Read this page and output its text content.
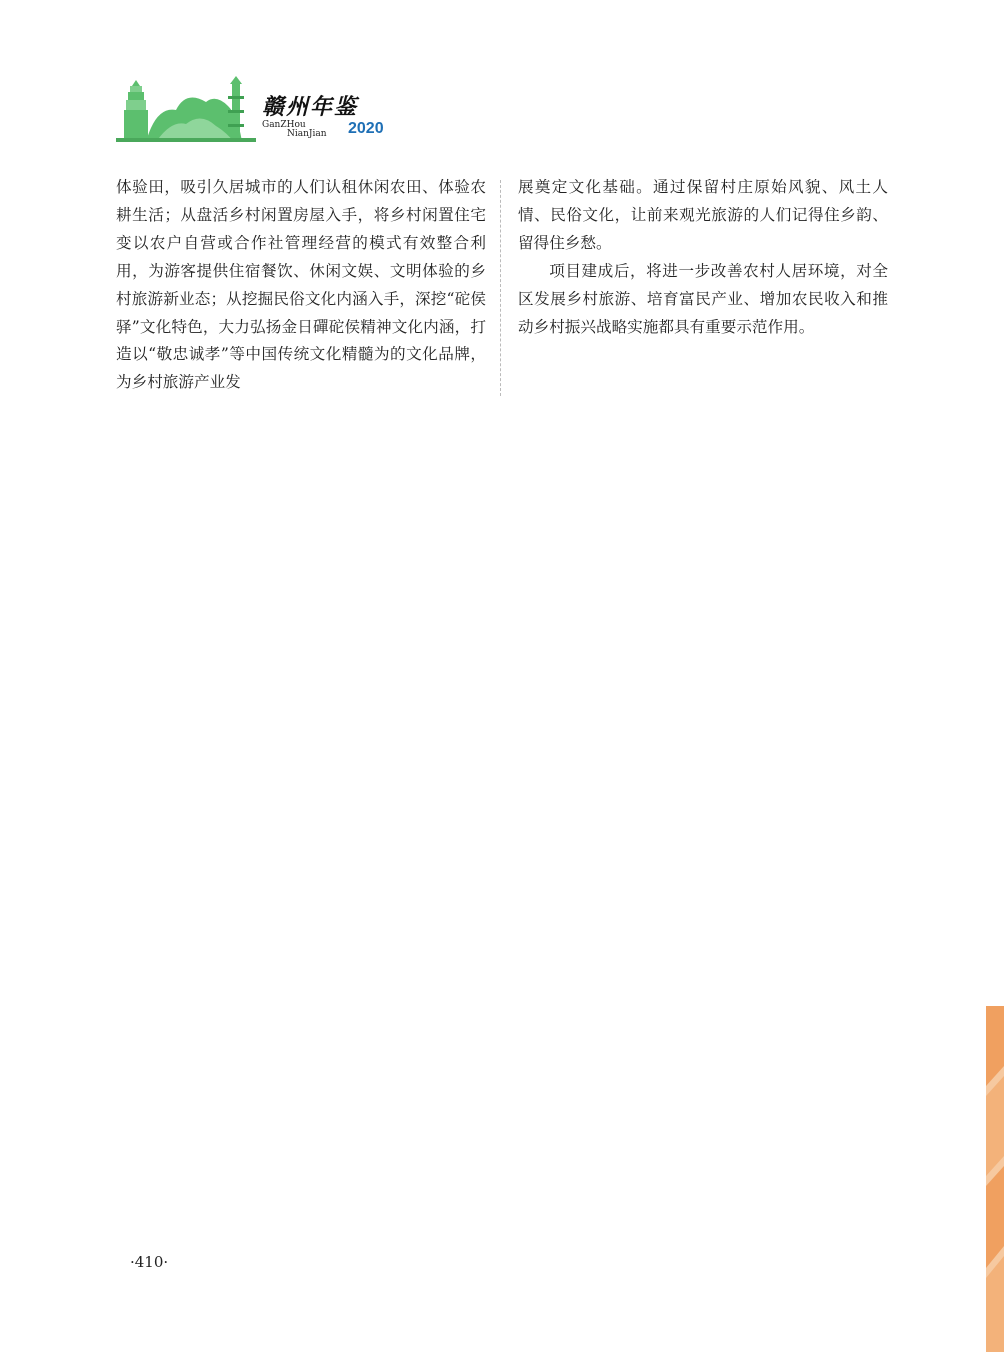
赣州年鉴
GanZHou
NianJian 2020

体验田，吸引久居城市的人们认租休闲农田、体验农耕生活；从盘活乡村闲置房屋入手，将乡村闲置住宅变以农户自营或合作社管理经营的模式有效整合利用，为游客提供住宿餐饮、休闲文娱、文明体验的乡村旅游新业态；从挖掘民俗文化内涵入手，深挖“砣侯驿”文化特色，大力弘扬金日磾砣侯精神文化内涵，打造以“敬忠诚孝”等中国传统文化精髓为的文化品牌，为乡村旅游产业发

展奠定文化基础。通过保留村庄原始风貌、风土人情、民俗文化，让前来观光旅游的人们记得住乡韵、留得住乡愁。

项目建成后，将进一步改善农村人居环境，对全区发展乡村旅游、培育富民产业、增加农民收入和推动乡村振兴战略实施都具有重要示范作用。

·410·
